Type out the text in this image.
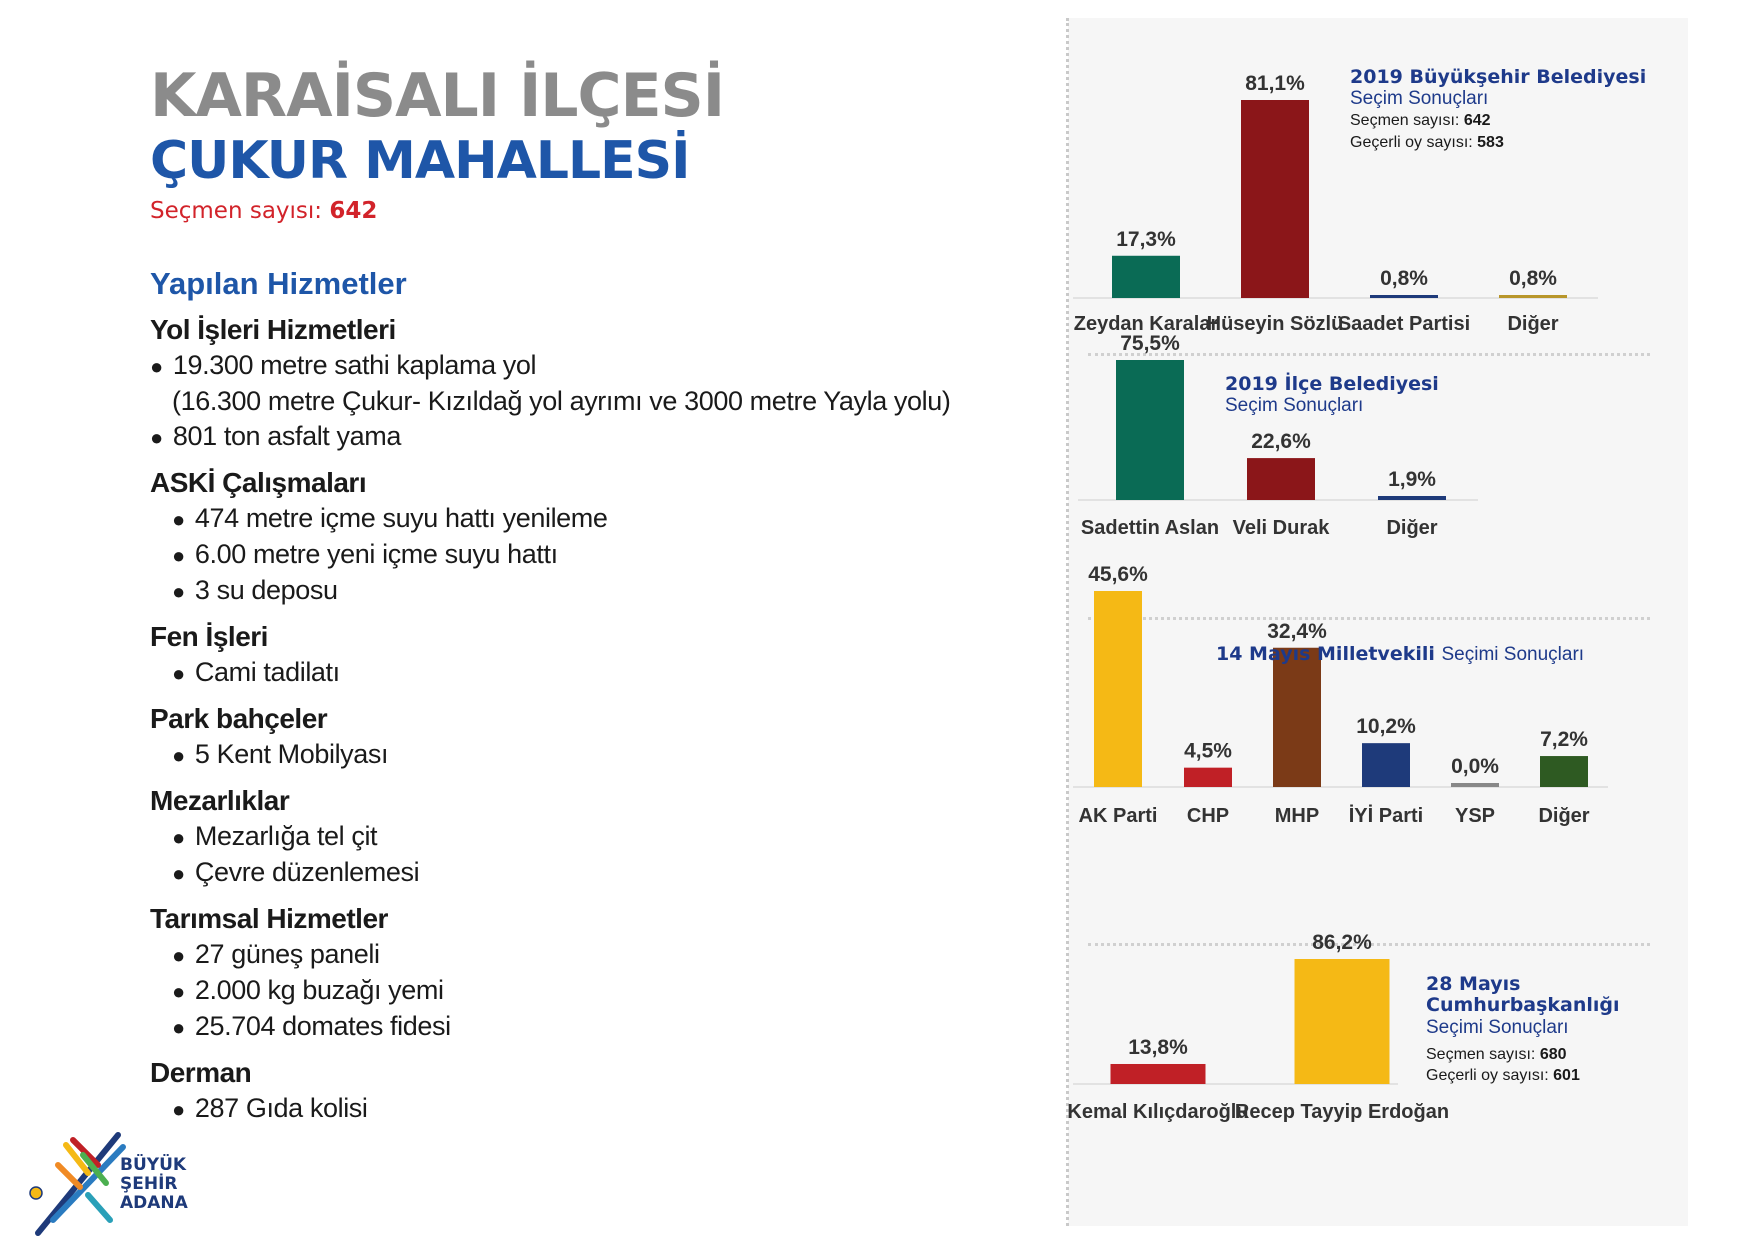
KARAİSALI İLÇESİ
ÇUKUR MAHALLESİ
Seçmen sayısı: 642
Yapılan Hizmetler
Yol İşleri Hizmetleri
● 19.300 metre sathi kaplama yol
(16.300 metre Çukur- Kızıldağ yol ayrımı ve 3000 metre Yayla yolu)
● 801 ton asfalt yama
ASKİ Çalışmaları
● 474 metre içme suyu hattı yenileme
● 6.00 metre yeni içme suyu hattı
● 3 su deposu
Fen İşleri
● Cami tadilatı
Park bahçeler
● 5 Kent Mobilyası
Mezarlıklar
● Mezarlığa tel çit
● Çevre düzenlemesi
Tarımsal Hizmetler
● 27 güneş paneli
● 2.000 kg buzağı yemi
● 25.704 domates fidesi
Derman
● 287 Gıda kolisi
BÜYÜK
ŞEHİR
ADANA
17,3%
Zeydan Karalar
81,1%
Hüseyin Sözlü
0,8%
Saadet Partisi
0,8%
Diğer
2019 Büyükşehir Belediyesi
Seçim Sonuçları
Seçmen sayısı: 642
Geçerli oy sayısı: 583
75,5%
Sadettin Aslan
22,6%
Veli Durak
1,9%
Diğer
2019 İlçe Belediyesi
Seçim Sonuçları
45,6%
AK Parti
4,5%
CHP
32,4%
MHP
10,2%
İYİ Parti
0,0%
YSP
7,2%
Diğer
14 Mayıs Milletvekili Seçimi Sonuçları
13,8%
Kemal Kılıçdaroğlu
86,2%
Recep Tayyip Erdoğan
28 Mayıs
Cumhurbaşkanlığı
Seçimi Sonuçları
Seçmen sayısı: 680
Geçerli oy sayısı: 601
